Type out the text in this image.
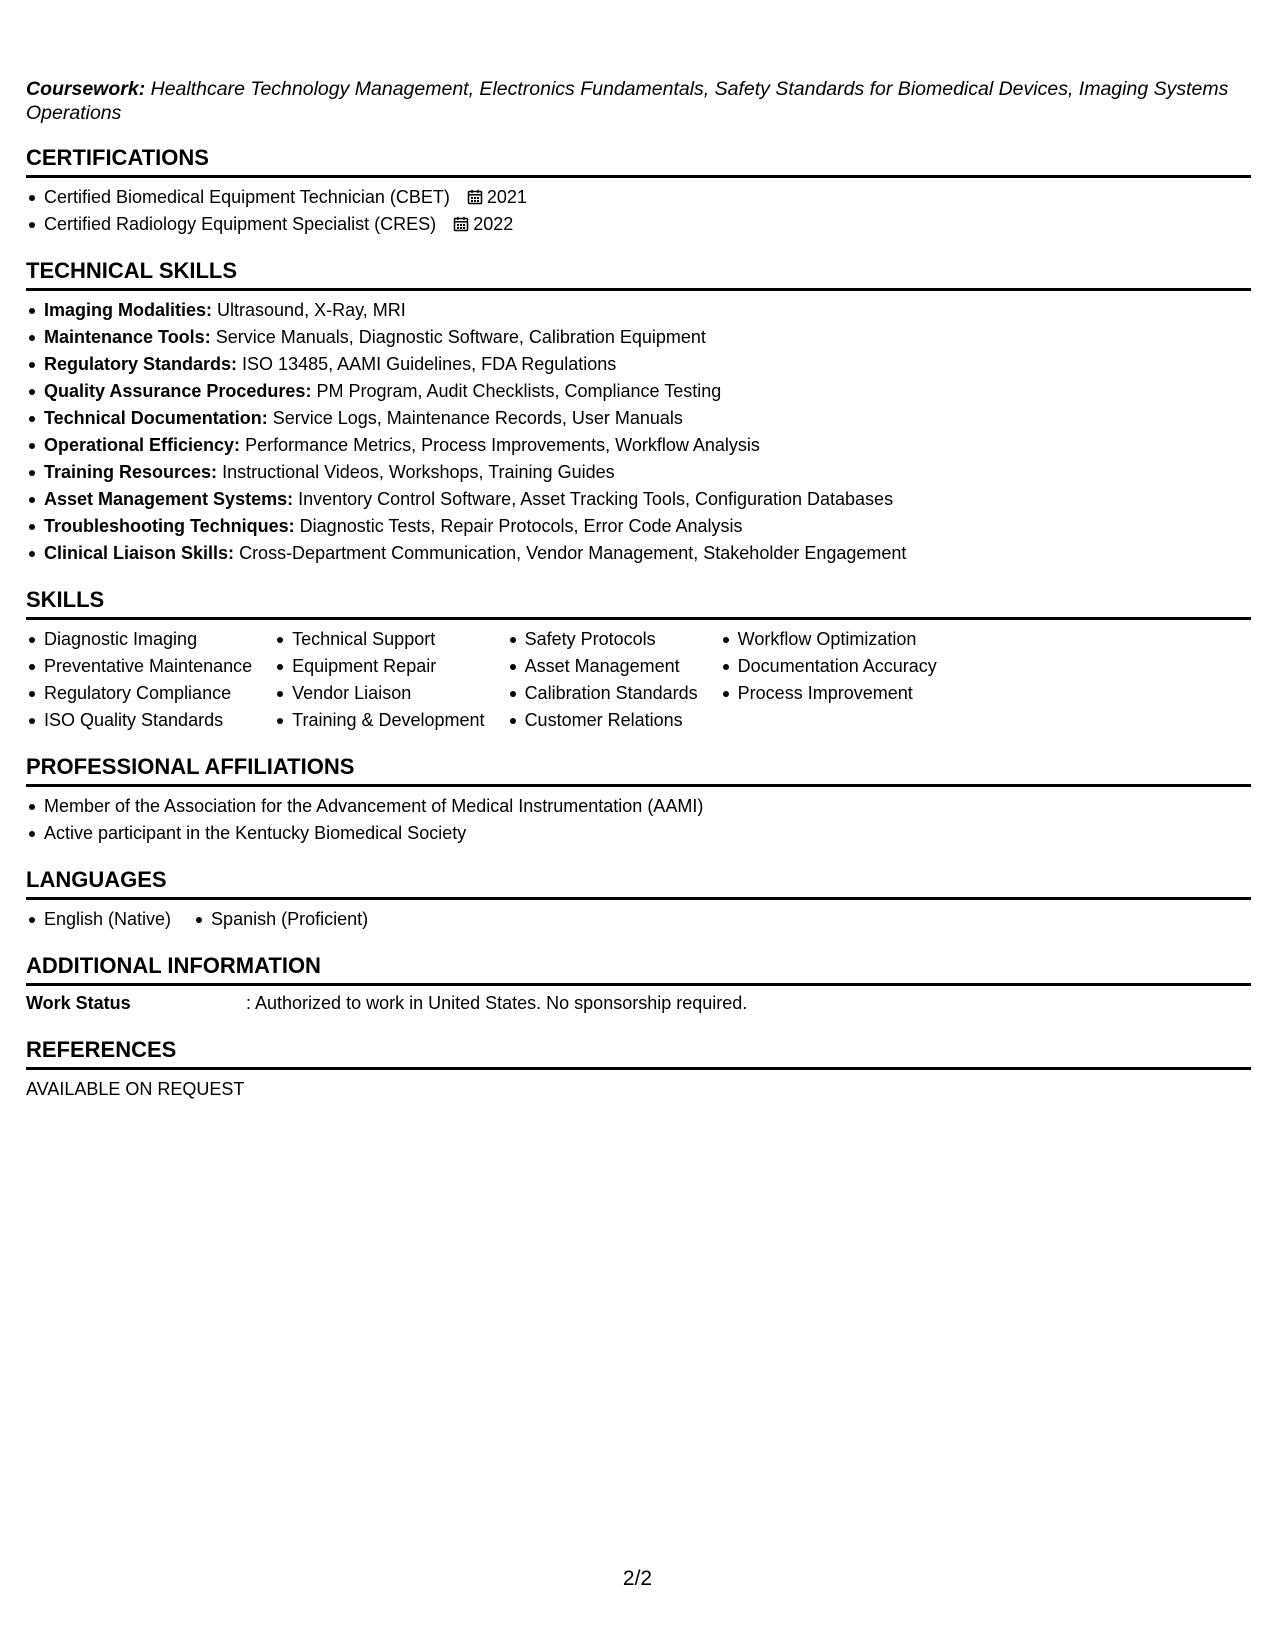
Coursework: Healthcare Technology Management, Electronics Fundamentals, Safety Standards for Biomedical Devices, Imaging Systems Operations

CERTIFICATIONS
Certified Biomedical Equipment Technician (CBET) 2021
Certified Radiology Equipment Specialist (CRES) 2022
TECHNICAL SKILLS
Imaging Modalities: Ultrasound, X-Ray, MRI
Maintenance Tools: Service Manuals, Diagnostic Software, Calibration Equipment
Regulatory Standards: ISO 13485, AAMI Guidelines, FDA Regulations
Quality Assurance Procedures: PM Program, Audit Checklists, Compliance Testing
Technical Documentation: Service Logs, Maintenance Records, User Manuals
Operational Efficiency: Performance Metrics, Process Improvements, Workflow Analysis
Training Resources: Instructional Videos, Workshops, Training Guides
Asset Management Systems: Inventory Control Software, Asset Tracking Tools, Configuration Databases
Troubleshooting Techniques: Diagnostic Tests, Repair Protocols, Error Code Analysis
Clinical Liaison Skills: Cross-Department Communication, Vendor Management, Stakeholder Engagement
SKILLS
Diagnostic Imaging
Preventative Maintenance
Regulatory Compliance
ISO Quality Standards
Technical Support
Equipment Repair
Vendor Liaison
Training & Development
Safety Protocols
Asset Management
Calibration Standards
Customer Relations
Workflow Optimization
Documentation Accuracy
Process Improvement
PROFESSIONAL AFFILIATIONS
Member of the Association for the Advancement of Medical Instrumentation (AAMI)
Active participant in the Kentucky Biomedical Society
LANGUAGES
English (Native) Spanish (Proficient)
ADDITIONAL INFORMATION
Work Status	: Authorized to work in United States. No sponsorship required.
REFERENCES
AVAILABLE ON REQUEST
2/2
